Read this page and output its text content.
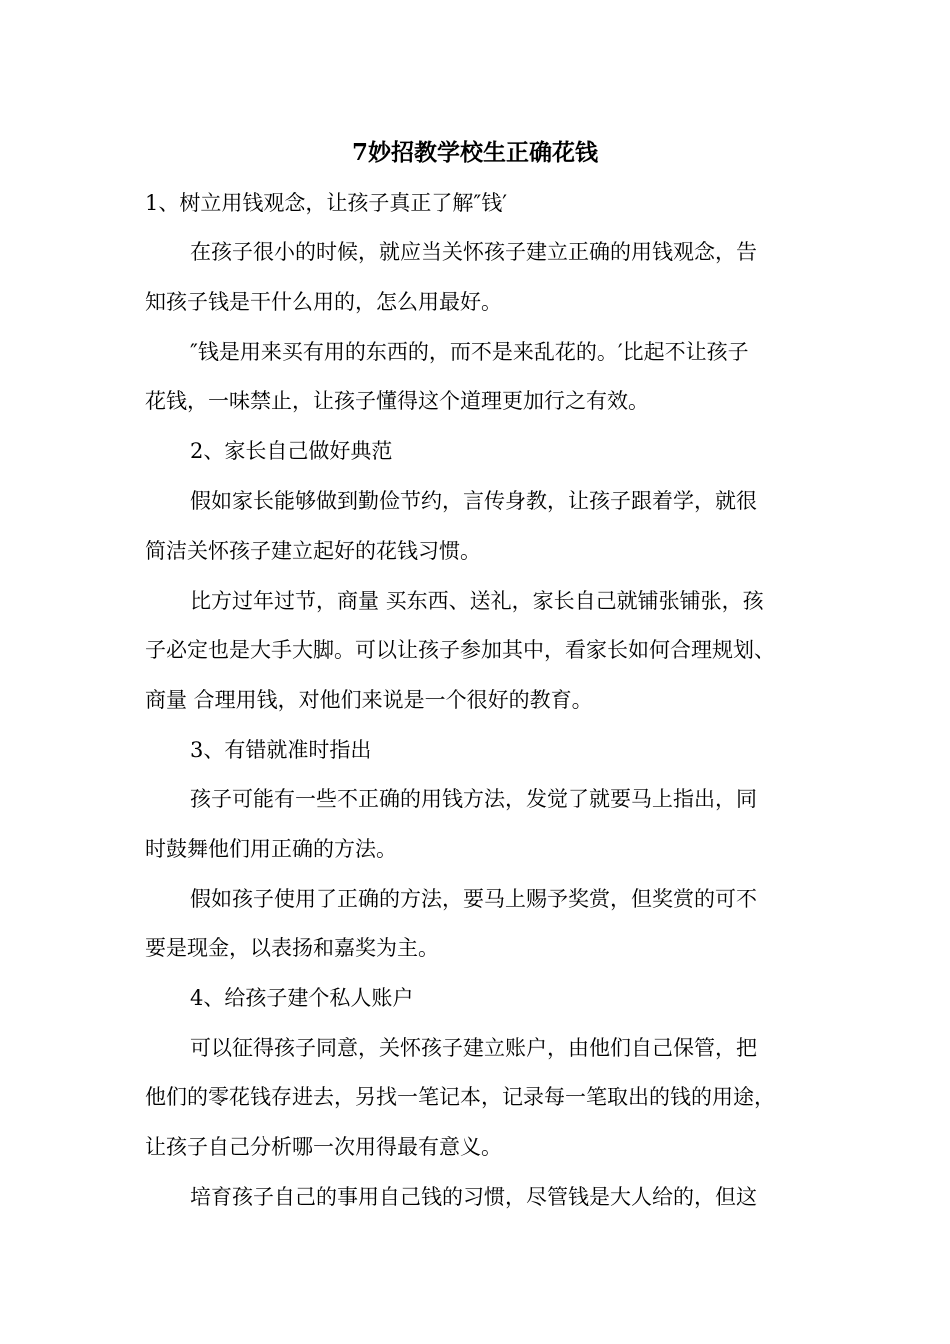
7妙招教学校生正确花钱
1、树立用钱观念，让孩子真正了解″钱′
在孩子很小的时候，就应当关怀孩子建立正确的用钱观念，告
知孩子钱是干什么用的，怎么用最好。
″钱是用来买有用的东西的，而不是来乱花的。′比起不让孩子
花钱，一味禁止，让孩子懂得这个道理更加行之有效。
2、家长自己做好典范
假如家长能够做到勤俭节约，言传身教，让孩子跟着学，就很
简洁关怀孩子建立起好的花钱习惯。
比方过年过节，商量 买东西、送礼，家长自己就铺张铺张，孩
子必定也是大手大脚。可以让孩子参加其中，看家长如何合理规划、
商量 合理用钱，对他们来说是一个很好的教育。
3、有错就准时指出
孩子可能有一些不正确的用钱方法，发觉了就要马上指出，同
时鼓舞他们用正确的方法。
假如孩子使用了正确的方法，要马上赐予奖赏，但奖赏的可不
要是现金，以表扬和嘉奖为主。
4、给孩子建个私人账户
可以征得孩子同意，关怀孩子建立账户，由他们自己保管，把
他们的零花钱存进去，另找一笔记本，记录每一笔取出的钱的用途，
让孩子自己分析哪一次用得最有意义。
培育孩子自己的事用自己钱的习惯，尽管钱是大人给的，但这
